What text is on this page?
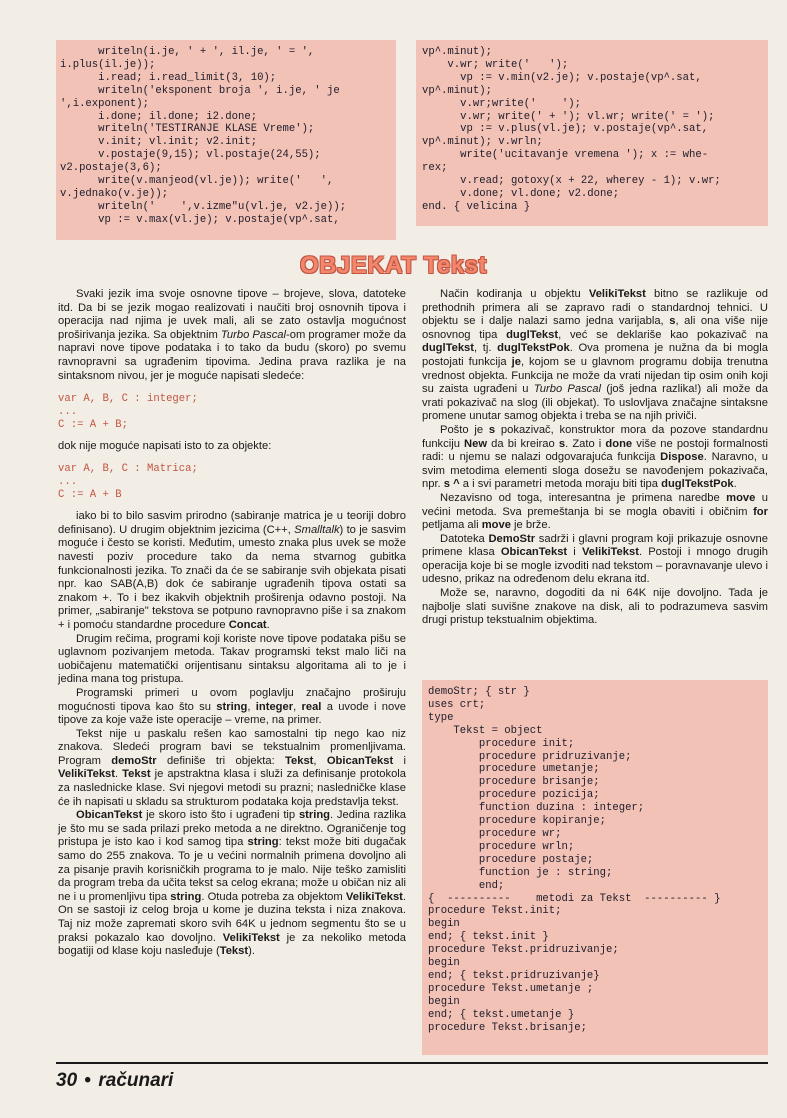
writeln(i.je, ' + ', il.je, ' = ',
i.plus(il.je));
i.read; i.read_limit(3, 10);
writeln('eksponent broja ', i.je, ' je
',i.exponent);
i.done; il.done; i2.done;
writeln('TESTIRANJE KLASE Vreme');
v.init; vl.init; v2.init;
v.postaje(9,15); vl.postaje(24,55);
v2.postaje(3,6);
write(v.manjeod(vl.je)); write('   ',
v.jednako(v.je));
writeln('    ',v.izme"u(vl.je, v2.je));
vp := v.max(vl.je); v.postaje(vp^.sat,
vp^.minut);
v.wr; write('   ');
vp := v.min(v2.je); v.postaje(vp^.sat,
vp^.minut);
v.wr;write('    ');
v.wr; write(' + '); vl.wr; write(' = ');
vp := v.plus(vl.je); v.postaje(vp^.sat,
vp^.minut); v.wrln;
write('ucitavanje vremena '); x := whe-
rex;
v.read; gotoxy(x + 22, wherey - 1); v.wr;
v.done; vl.done; v2.done;
end. { velicina }
OBJEKAT Tekst

Svaki jezik ima svoje osnovne tipove – brojeve, slova, datoteke itd. Da bi se jezik mogao realizovati i naučiti broj osnovnih tipova i operacija nad njima je uvek mali, ali se zato ostavlja mogućnost proširivanja jezika. Sa objektnim Turbo Pascal-om programer može da napravi nove tipove podataka i to tako da budu (skoro) po svemu ravnopravni sa ugrađenim tipovima. Jedina prava razlika je na sintaksnom nivou, jer je moguće napisati sledeće:

var A, B, C : integer;
...
C := A + B;

dok nije moguće napisati isto to za objekte:

var A, B, C : Matrica;
...
C := A + B

iako bi to bilo sasvim prirodno (sabiranje matrica je u teoriji dobro definisano). U drugim objektnim jezicima (C++, Smalltalk) to je sasvim moguće i često se koristi. Međutim, umesto znaka plus uvek se može navesti poziv procedure tako da nema stvarnog gubitka funkcionalnosti jezika. To znači da će se sabiranje svih objekata pisati npr. kao SAB(A,B) dok će sabiranje ugrađenih tipova ostati sa znakom +. To i bez ikakvih objektnih proširenja odavno postoji. Na primer, „sabiranje" tekstova se potpuno ravnopravno piše i sa znakom + i pomoću standardne procedure Concat.

Drugim rečima, programi koji koriste nove tipove podataka pišu se uglavnom pozivanjem metoda. Takav programski tekst malo liči na uobičajenu matematički orijentisanu sintaksu algoritama ali to je i jedina mana tog pristupa.

Programski primeri u ovom poglavlju značajno proširuju mogućnosti tipova kao što su string, integer, real a uvode i nove tipove za koje važe iste operacije – vreme, na primer.

Tekst nije u paskalu rešen kao samostalni tip nego kao niz znakova. Sledeći program bavi se tekstualnim promenljivama. Program demoStr definiše tri objekta: Tekst, ObicanTekst i VelikiTekst. Tekst je apstraktna klasa i služi za definisanje protokola za naslednicke klase. Svi njegovi metodi su prazni; nasledničke klase će ih napisati u skladu sa strukturom podataka koja predstavlja tekst.

ObicanTekst je skoro isto što i ugrađeni tip string. Jedina razlika je što mu se sada prilazi preko metoda a ne direktno. Ograničenje tog pristupa je isto kao i kod samog tipa string: tekst može biti dugačak samo do 255 znakova. To je u većini normalnih primena dovoljno ali za pisanje pravih korisničkih programa to je malo. Nije teško zamisliti da program treba da učita tekst sa celog ekrana; može u običan niz ali ne i u promenljivu tipa string. Otuda potreba za objektom VelikiTekst. On se sastoji iz celog broja u kome je duzina teksta i niza znakova. Taj niz može zapremati skoro svih 64K u jednom segmentu što se u praksi pokazalo kao dovoljno. VelikiTekst je za nekoliko metoda bogatiji od klase koju nasleđuje (Tekst).

Način kodiranja u objektu VelikiTekst bitno se razlikuje od prethodnih primera ali se zapravo radi o standardnoj tehnici. U objektu se i dalje nalazi samo jedna varijabla, s, ali ona više nije osnovnog tipa duglTekst, već se deklariše kao pokazivač na duglTekst, tj. duglTekstPok. Ova promena je nužna da bi mogla postojati funkcija je, kojom se u glavnom programu dobija trenutna vrednost objekta. Funkcija ne može da vrati nijedan tip osim onih koji su zaista ugrađeni u Turbo Pascal (još jedna razlika!) ali može da vrati pokazivač na slog (ili objekat). To uslovljava značajne sintaksne promene unutar samog objekta i treba se na njih priviči.

Pošto je s pokazivač, konstruktor mora da pozove standardnu funkciju New da bi kreirao s. Zato i done više ne postoji formalnosti radi: u njemu se nalazi odgovarajuća funkcija Dispose. Naravno, u svim metodima elementi sloga dosežu se navođenjem pokazivača, npr. s ^ a i svi parametri metoda moraju biti tipa duglTekstPok.

Nezavisno od toga, interesantna je primena naredbe move u većini metoda. Sva premeštanja bi se mogla obaviti i običnim for petljama ali move je brže.

Datoteka DemoStr sadrži i glavni program koji prikazuje osnovne primene klasa ObicanTekst i VelikiTekst. Postoji i mnogo drugih operacija koje bi se mogle izvoditi nad tekstom – poravnavanje ulevo i udesno, prikaz na određenom delu ekrana itd.

Može se, naravno, dogoditi da ni 64K nije dovoljno. Tada je najbolje slati suvišne znakove na disk, ali to podrazumeva sasvim drugi pristup tekstualnim objektima.

demoStr; { str }
uses crt;
type
Tekst = object
procedure init;
procedure pridruzivanje;
procedure umetanje;
procedure brisanje;
procedure pozicija;
function duzina : integer;
procedure kopiranje;
procedure wr;
procedure wrln;
procedure postaje;
function je : string;
end;
{  ----------    metodi za Tekst  ---------- }
procedure Tekst.init;
begin
end; { tekst.init }
procedure Tekst.pridruzivanje;
begin
end; { tekst.pridruzivanje}
procedure Tekst.umetanje ;
begin
end; { tekst.umetanje }
procedure Tekst.brisanje;
30 • računari
